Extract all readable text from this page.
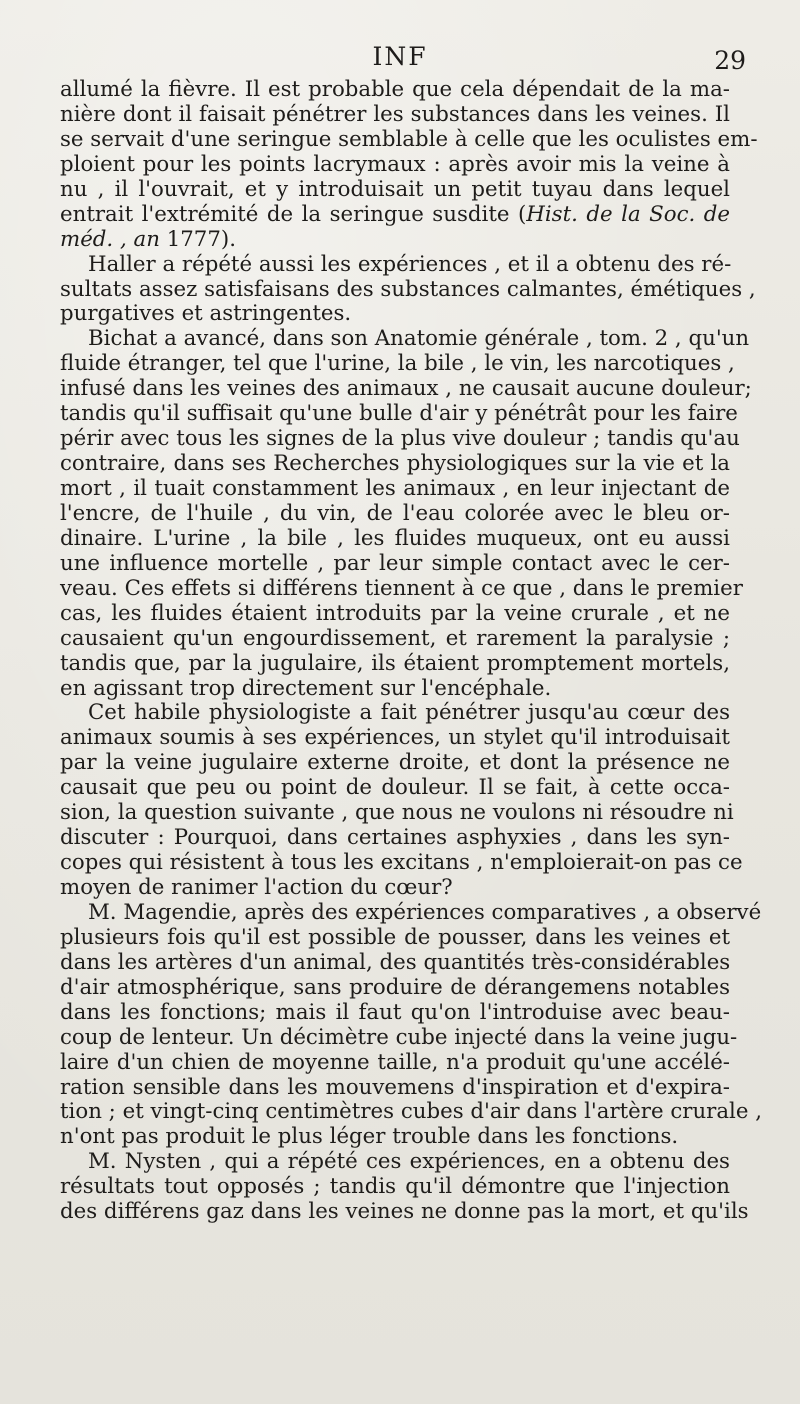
INF	29
allumé la fièvre. Il est probable que cela dépendait de la ma-
nière dont il faisait pénétrer les substances dans les veines. Il
se servait d'une seringue semblable à celle que les oculistes em-
ploient pour les points lacrymaux : après avoir mis la veine à
nu , il l'ouvrait, et y introduisait un petit tuyau dans lequel
entrait l'extrémité de la seringue susdite (Hist. de la Soc. de
méd. , an 1777).
Haller a répété aussi les expériences , et il a obtenu des ré-
sultats assez satisfaisans des substances calmantes, émétiques ,
purgatives et astringentes.
Bichat a avancé, dans son Anatomie générale , tom. 2 , qu'un
fluide étranger, tel que l'urine, la bile , le vin, les narcotiques ,
infusé dans les veines des animaux , ne causait aucune douleur;
tandis qu'il suffisait qu'une bulle d'air y pénétrât pour les faire
périr avec tous les signes de la plus vive douleur ; tandis qu'au
contraire, dans ses Recherches physiologiques sur la vie et la
mort , il tuait constamment les animaux , en leur injectant de
l'encre, de l'huile , du vin, de l'eau colorée avec le bleu or-
dinaire. L'urine , la bile , les fluides muqueux, ont eu aussi
une influence mortelle , par leur simple contact avec le cer-
veau. Ces effets si différens tiennent à ce que , dans le premier
cas, les fluides étaient introduits par la veine crurale , et ne
causaient qu'un engourdissement, et rarement la paralysie ;
tandis que, par la jugulaire, ils étaient promptement mortels,
en agissant trop directement sur l'encéphale.
Cet habile physiologiste a fait pénétrer jusqu'au cœur des
animaux soumis à ses expériences, un stylet qu'il introduisait
par la veine jugulaire externe droite, et dont la présence ne
causait que peu ou point de douleur. Il se fait, à cette occa-
sion, la question suivante , que nous ne voulons ni résoudre ni
discuter : Pourquoi, dans certaines asphyxies , dans les syn-
copes qui résistent à tous les excitans , n'emploierait-on pas ce
moyen de ranimer l'action du cœur?
M. Magendie, après des expériences comparatives , a observé
plusieurs fois qu'il est possible de pousser, dans les veines et
dans les artères d'un animal, des quantités très-considérables
d'air atmosphérique, sans produire de dérangemens notables
dans les fonctions; mais il faut qu'on l'introduise avec beau-
coup de lenteur. Un décimètre cube injecté dans la veine jugu-
laire d'un chien de moyenne taille, n'a produit qu'une accélé-
ration sensible dans les mouvemens d'inspiration et d'expira-
tion ; et vingt-cinq centimètres cubes d'air dans l'artère crurale ,
n'ont pas produit le plus léger trouble dans les fonctions.
M. Nysten , qui a répété ces expériences, en a obtenu des
résultats tout opposés ; tandis qu'il démontre que l'injection
des différens gaz dans les veines ne donne pas la mort, et qu'ils
